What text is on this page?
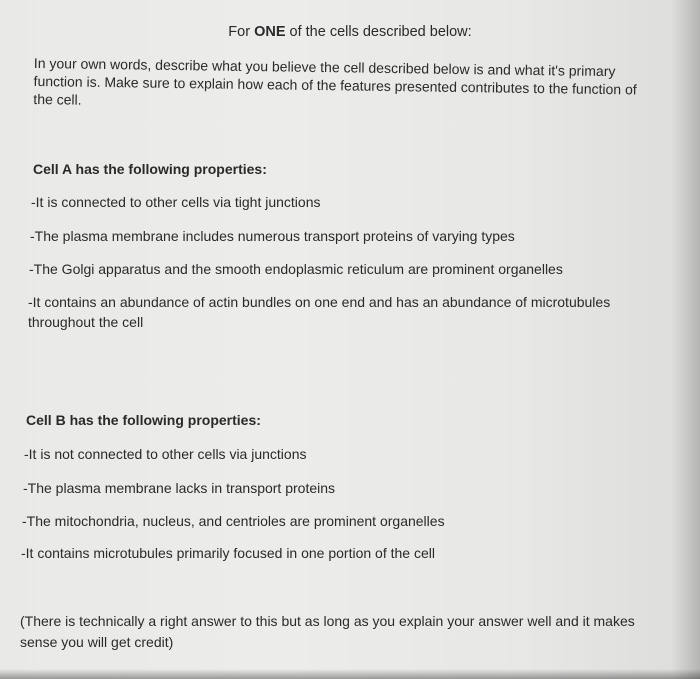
For ONE of the cells described below:
In your own words, describe what you believe the cell described below is and what it's primary function is. Make sure to explain how each of the features presented contributes to the function of the cell.
Cell A has the following properties:
-It is connected to other cells via tight junctions
-The plasma membrane includes numerous transport proteins of varying types
-The Golgi apparatus and the smooth endoplasmic reticulum are prominent organelles
-It contains an abundance of actin bundles on one end and has an abundance of microtubules throughout the cell
Cell B has the following properties:
-It is not connected to other cells via junctions
-The plasma membrane lacks in transport proteins
-The mitochondria, nucleus, and centrioles are prominent organelles
-It contains microtubules primarily focused in one portion of the cell
(There is technically a right answer to this but as long as you explain your answer well and it makes sense you will get credit)
